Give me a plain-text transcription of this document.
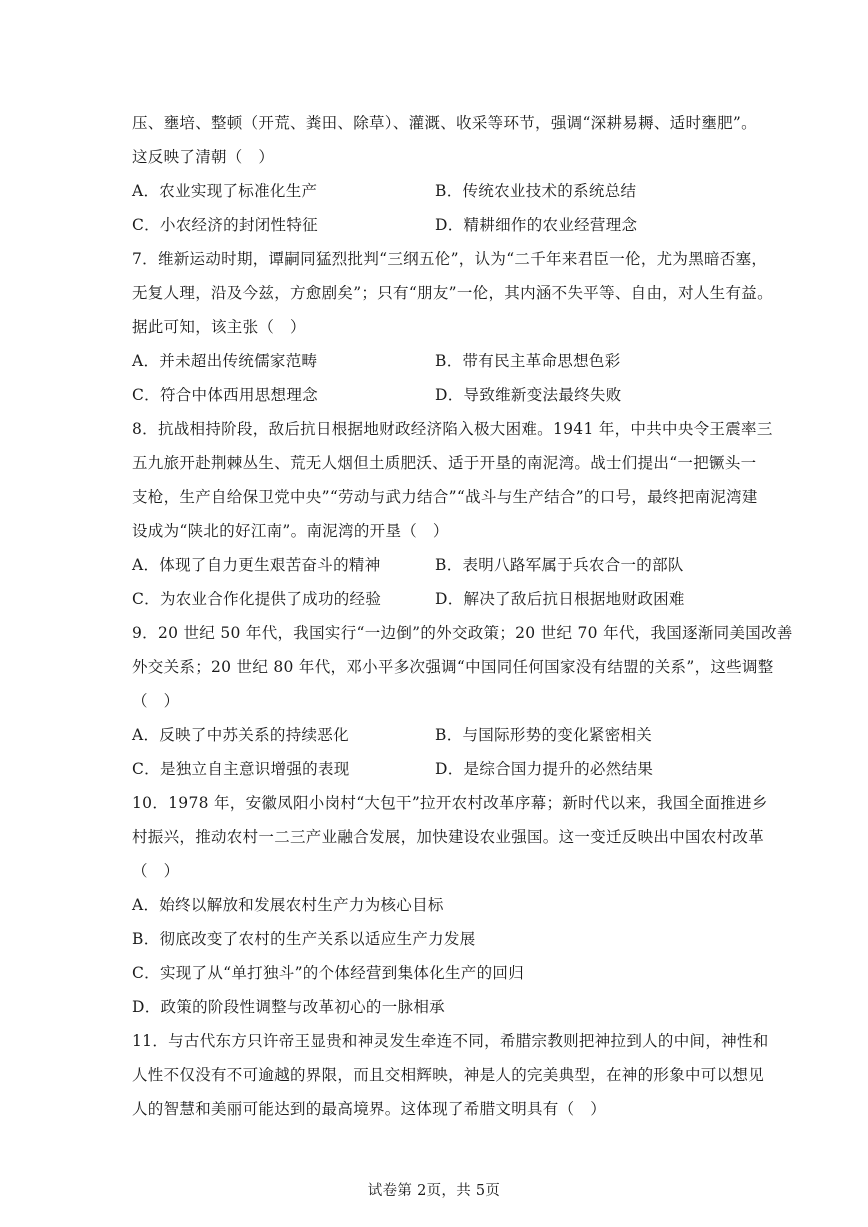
压、壅培、整顿（开荒、粪田、除草）、灌溉、收采等环节，强调“深耕易耨、适时壅肥”。
这反映了清朝（　）
A．农业实现了标准化生产	B．传统农业技术的系统总结
C．小农经济的封闭性特征	D．精耕细作的农业经营理念
7．维新运动时期，谭嗣同猛烈批判“三纲五伦”，认为“二千年来君臣一伦，尤为黑暗否塞，
无复人理，沿及今兹，方愈剧矣”；只有“朋友”一伦，其内涵不失平等、自由，对人生有益。
据此可知，该主张（　）
A．并未超出传统儒家范畴	B．带有民主革命思想色彩
C．符合中体西用思想理念	D．导致维新变法最终失败
8．抗战相持阶段，敌后抗日根据地财政经济陷入极大困难。1941 年，中共中央令王震率三
五九旅开赴荆棘丛生、荒无人烟但土质肥沃、适于开垦的南泥湾。战士们提出“一把镢头一
支枪，生产自给保卫党中央”“劳动与武力结合”“战斗与生产结合”的口号，最终把南泥湾建
设成为“陕北的好江南”。南泥湾的开垦（　）
A．体现了自力更生艰苦奋斗的精神	B．表明八路军属于兵农合一的部队
C．为农业合作化提供了成功的经验	D．解决了敌后抗日根据地财政困难
9．20 世纪 50 年代，我国实行“一边倒”的外交政策；20 世纪 70 年代，我国逐渐同美国改善
外交关系；20 世纪 80 年代，邓小平多次强调“中国同任何国家没有结盟的关系”，这些调整
（　）
A．反映了中苏关系的持续恶化	B．与国际形势的变化紧密相关
C．是独立自主意识增强的表现	D．是综合国力提升的必然结果
10．1978 年，安徽凤阳小岗村“大包干”拉开农村改革序幕；新时代以来，我国全面推进乡
村振兴，推动农村一二三产业融合发展，加快建设农业强国。这一变迁反映出中国农村改革
（　）
A．始终以解放和发展农村生产力为核心目标
B．彻底改变了农村的生产关系以适应生产力发展
C．实现了从“单打独斗”的个体经营到集体化生产的回归
D．政策的阶段性调整与改革初心的一脉相承
11．与古代东方只许帝王显贵和神灵发生牵连不同，希腊宗教则把神拉到人的中间，神性和
人性不仅没有不可逾越的界限，而且交相辉映，神是人的完美典型，在神的形象中可以想见
人的智慧和美丽可能达到的最高境界。这体现了希腊文明具有（　）
试卷第 2页，共 5页
